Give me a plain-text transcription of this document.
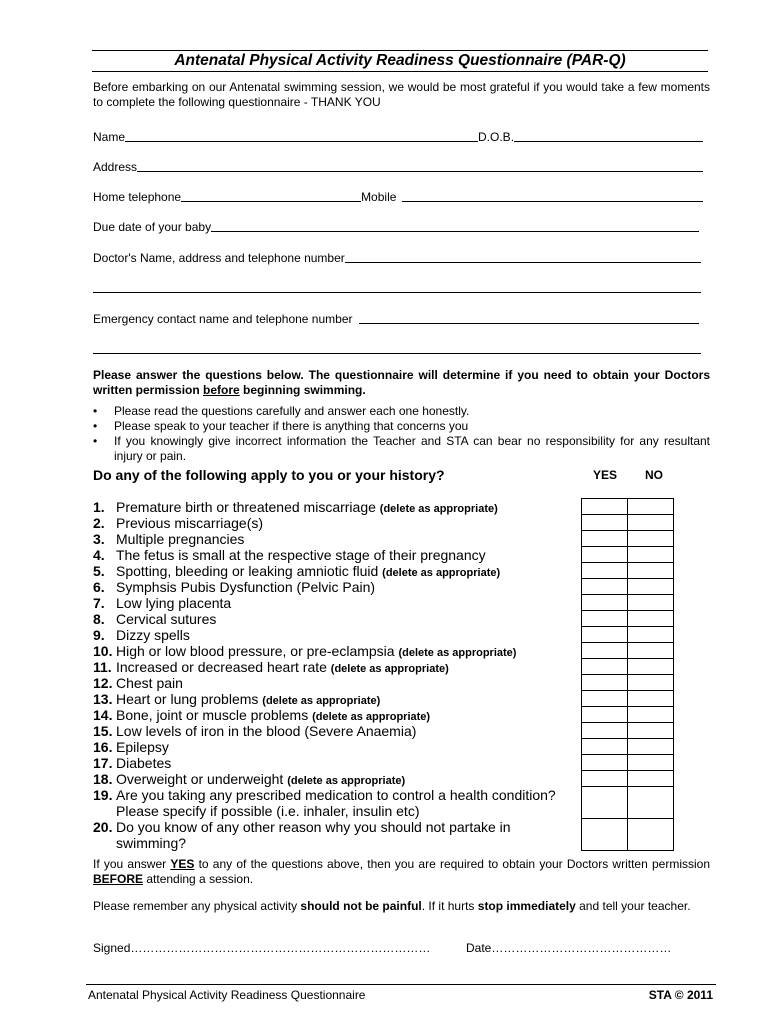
Antenatal Physical Activity Readiness Questionnaire (PAR-Q)
Before embarking on our Antenatal swimming session, we would be most grateful if you would take a few moments to complete the following questionnaire - THANK YOU
Name	D.O.B.
Address
Home telephone	Mobile
Due date of your baby
Doctor's Name, address and telephone number
Emergency contact name and telephone number
Please answer the questions below. The questionnaire will determine if you need to obtain your Doctors written permission before beginning swimming.
• Please read the questions carefully and answer each one honestly.
• Please speak to your teacher if there is anything that concerns you
• If you knowingly give incorrect information the Teacher and STA can bear no responsibility for any resultant injury or pain.
Do any of the following apply to you or your history?	YES NO
1. Premature birth or threatened miscarriage (delete as appropriate)
2. Previous miscarriage(s)
3. Multiple pregnancies
4. The fetus is small at the respective stage of their pregnancy
5. Spotting, bleeding or leaking amniotic fluid (delete as appropriate)
6. Symphsis Pubis Dysfunction (Pelvic Pain)
7. Low lying placenta
8. Cervical sutures
9. Dizzy spells
10. High or low blood pressure, or pre-eclampsia (delete as appropriate)
11. Increased or decreased heart rate (delete as appropriate)
12. Chest pain
13. Heart or lung problems (delete as appropriate)
14. Bone, joint or muscle problems (delete as appropriate)
15. Low levels of iron in the blood (Severe Anaemia)
16. Epilepsy
17. Diabetes
18. Overweight or underweight (delete as appropriate)
19. Are you taking any prescribed medication to control a health condition?
Please specify if possible (i.e. inhaler, insulin etc)
20. Do you know of any other reason why you should not partake in
swimming?

If you answer YES to any of the questions above, then you are required to obtain your Doctors written permission BEFORE attending a session.
Please remember any physical activity should not be painful. If it hurts stop immediately and tell your teacher.
Signed…………………………………………………………………	Date………………………………………
Antenatal Physical Activity Readiness Questionnaire	STA © 2011
